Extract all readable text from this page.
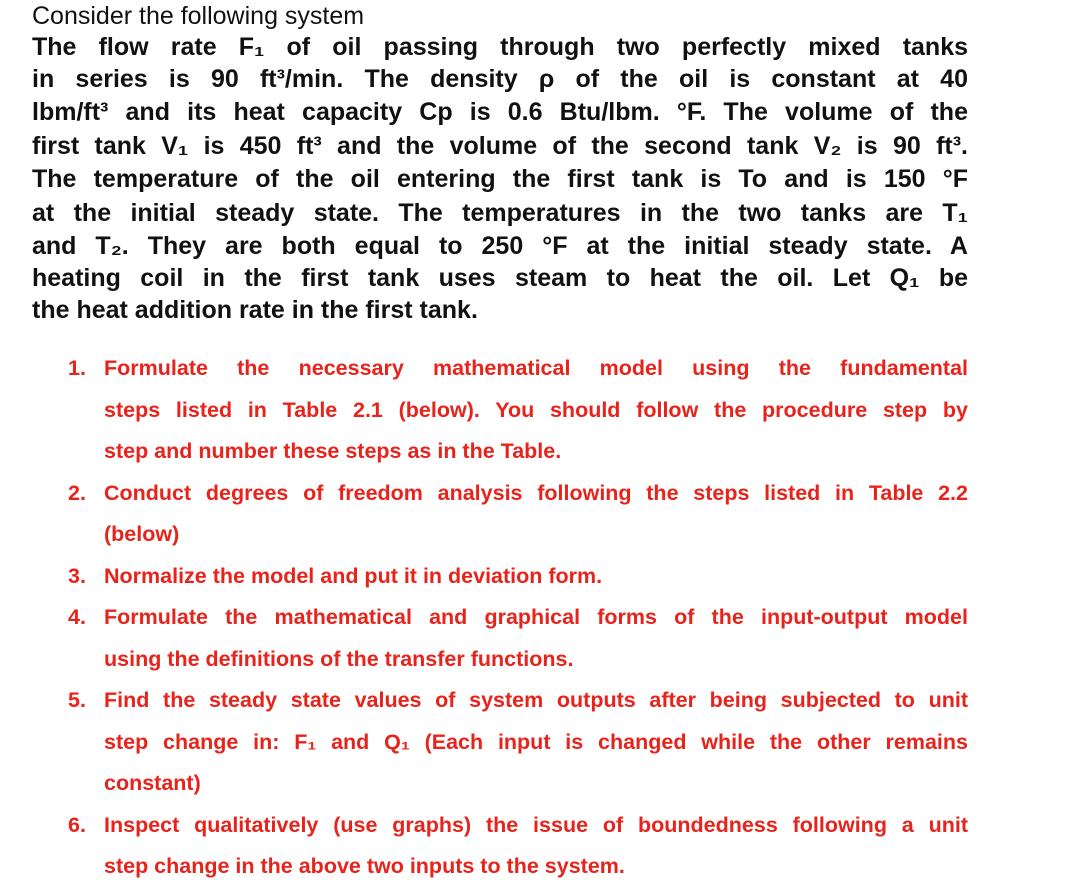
Consider the following system
The flow rate F₁ of oil passing through two perfectly mixed tanks
in series is 90 ft³/min. The density ρ of the oil is constant at 40
lbm/ft³ and its heat capacity Cp is 0.6 Btu/lbm. °F. The volume of the
first tank V₁ is 450 ft³ and the volume of the second tank V₂ is 90 ft³.
The temperature of the oil entering the first tank is To and is 150 °F
at the initial steady state. The temperatures in the two tanks are T₁
and T₂. They are both equal to 250 °F at the initial steady state. A
heating coil in the first tank uses steam to heat the oil. Let Q₁ be
the heat addition rate in the first tank.
1. Formulate the necessary mathematical model using the fundamental
steps listed in Table 2.1 (below). You should follow the procedure step by
step and number these steps as in the Table.
2. Conduct degrees of freedom analysis following the steps listed in Table 2.2
(below)
3. Normalize the model and put it in deviation form.
4. Formulate the mathematical and graphical forms of the input-output model
using the definitions of the transfer functions.
5. Find the steady state values of system outputs after being subjected to unit
step change in: F₁ and Q₁ (Each input is changed while the other remains
constant)
6. Inspect qualitatively (use graphs) the issue of boundedness following a unit
step change in the above two inputs to the system.
